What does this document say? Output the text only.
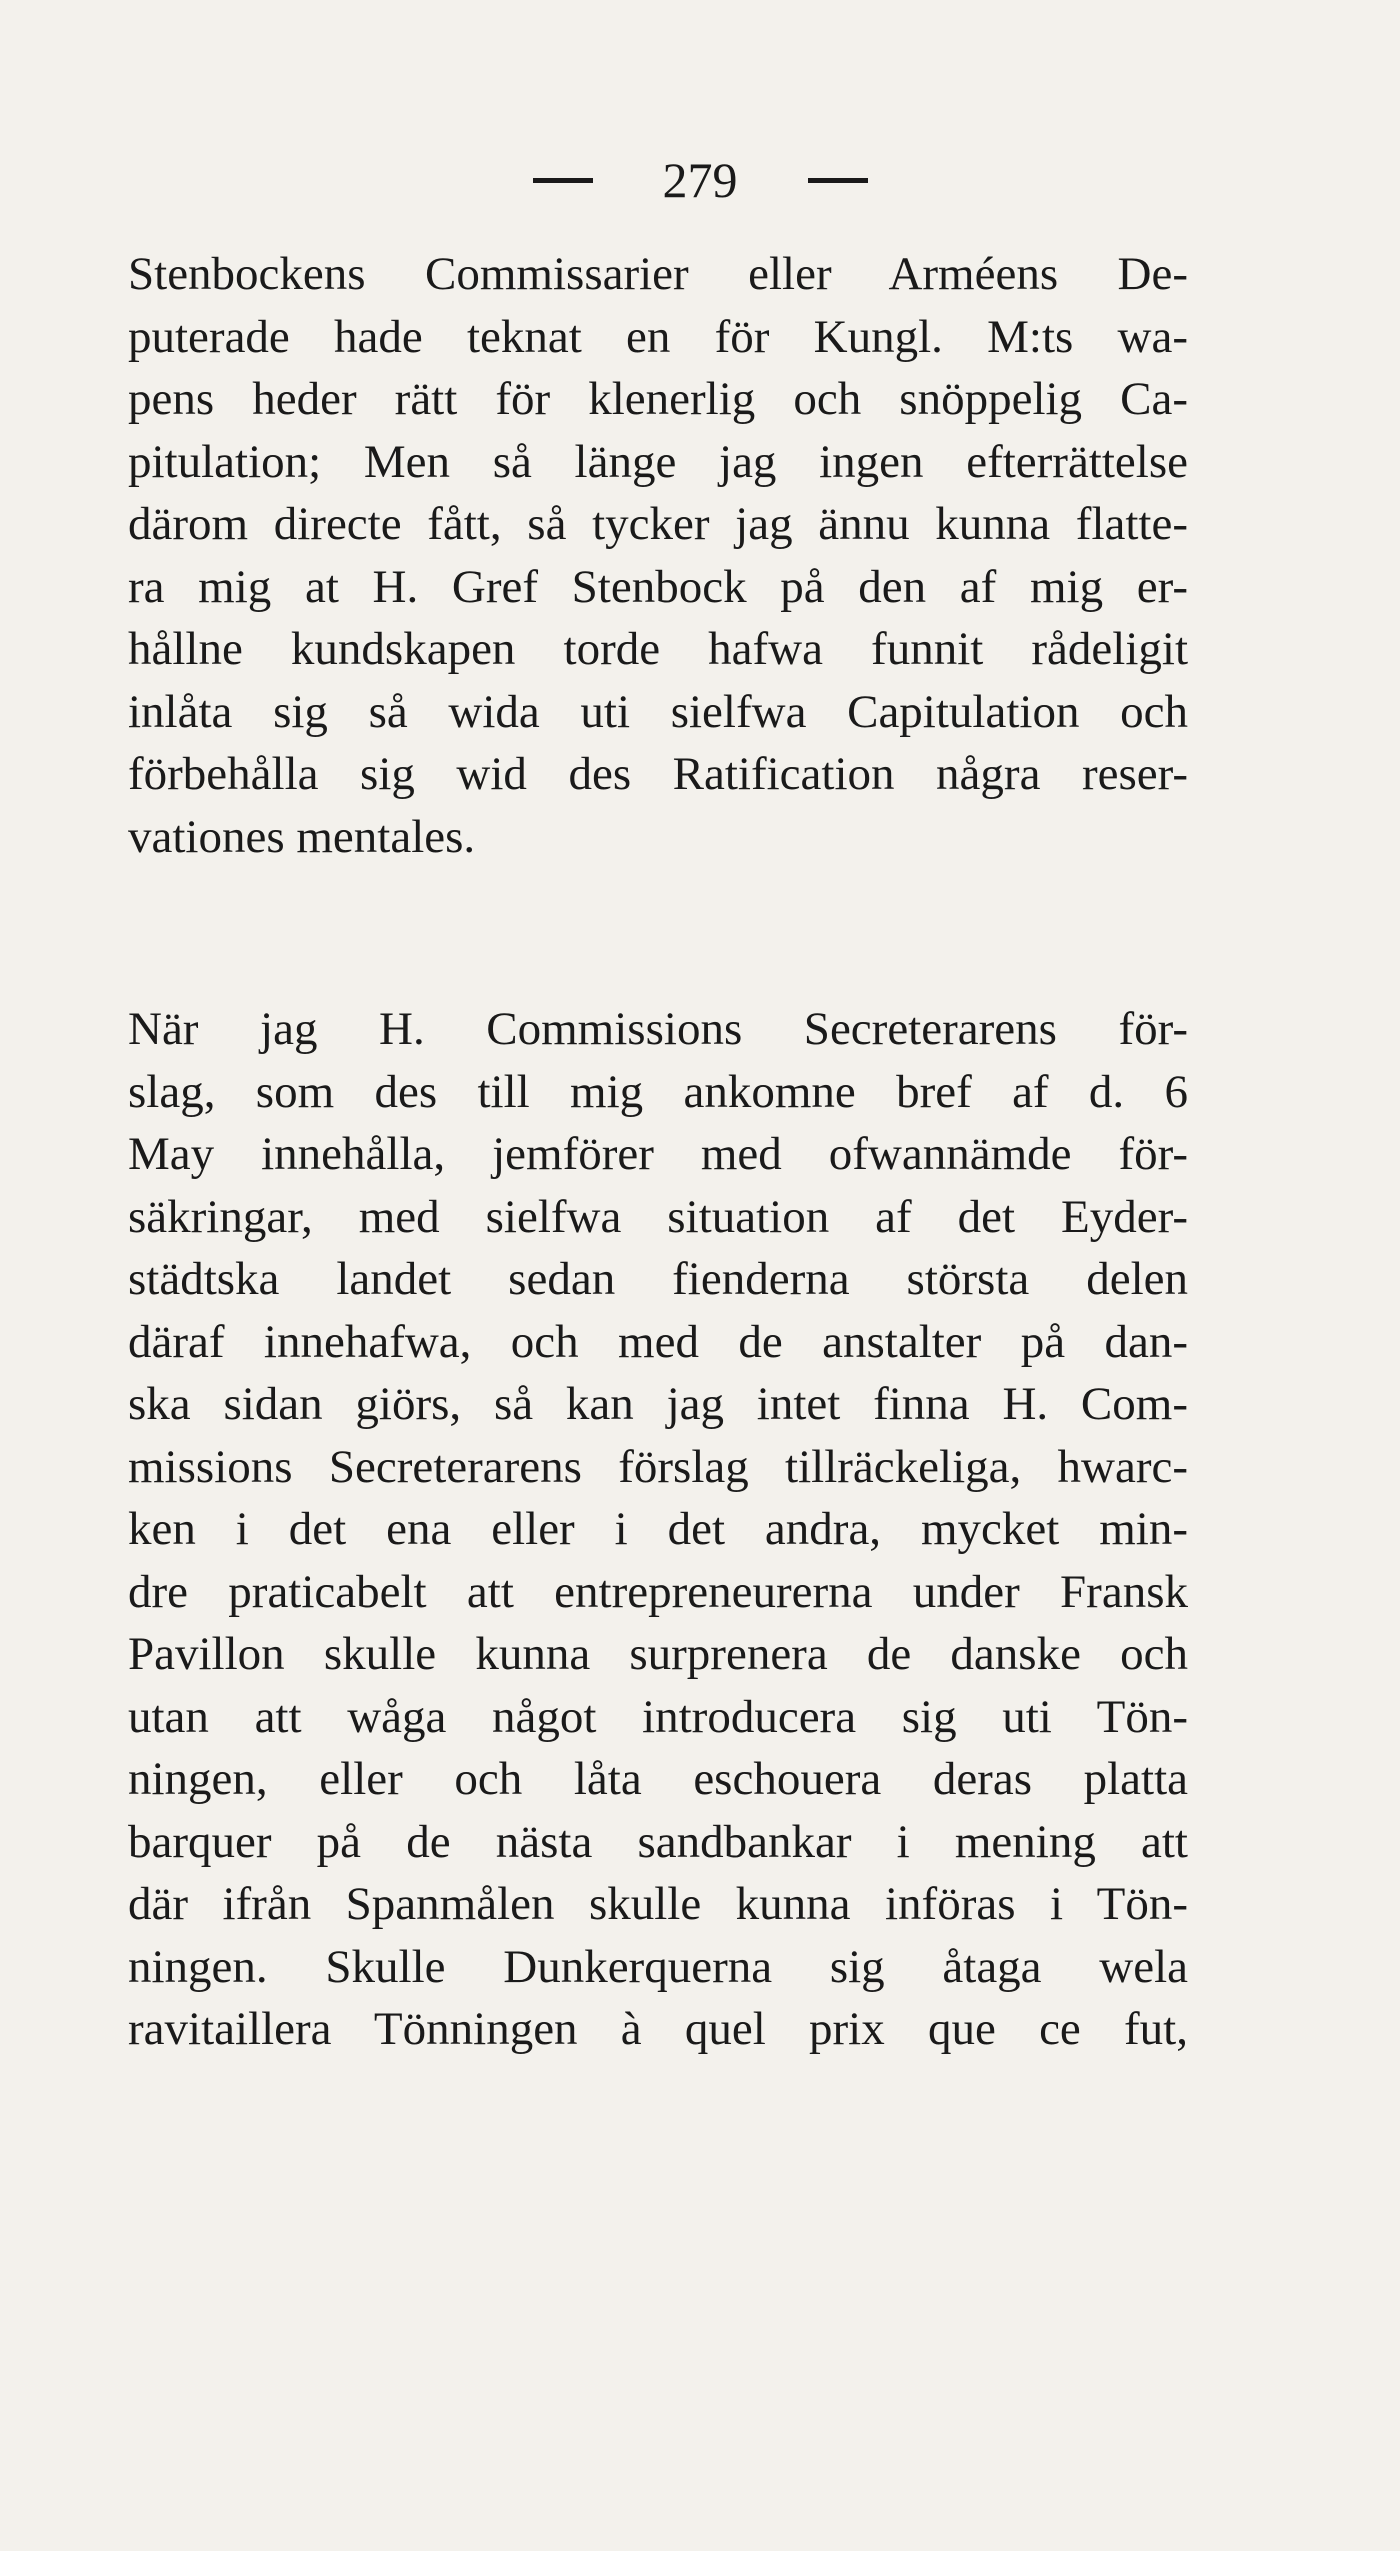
279
Stenbockens Commissarier eller Arméens De-
puterade hade teknat en för Kungl. M:ts wa-
pens heder rätt för klenerlig och snöppelig Ca-
pitulation; Men så länge jag ingen efterrättelse
därom directe fått, så tycker jag ännu kunna flatte-
ra mig at H. Gref Stenbock på den af mig er-
hållne kundskapen torde hafwa funnit rådeligit
inlåta sig så wida uti sielfwa Capitulation och
förbehålla sig wid des Ratification några reser-
vationes mentales.
När jag H. Commissions Secreterarens för-
slag, som des till mig ankomne bref af d. 6
May innehålla, jemförer med ofwannämde för-
säkringar, med sielfwa situation af det Eyder-
städtska landet sedan fienderna största delen
däraf innehafwa, och med de anstalter på dan-
ska sidan giörs, så kan jag intet finna H. Com-
missions Secreterarens förslag tillräckeliga, hwarc-
ken i det ena eller i det andra, mycket min-
dre praticabelt att entrepreneurerna under Fransk
Pavillon skulle kunna surprenera de danske och
utan att wåga något introducera sig uti Tön-
ningen, eller och låta eschouera deras platta
barquer på de nästa sandbankar i mening att
där ifrån Spanmålen skulle kunna införas i Tön-
ningen. Skulle Dunkerquerna sig åtaga wela
ravitaillera Tönningen à quel prix que ce fut,
